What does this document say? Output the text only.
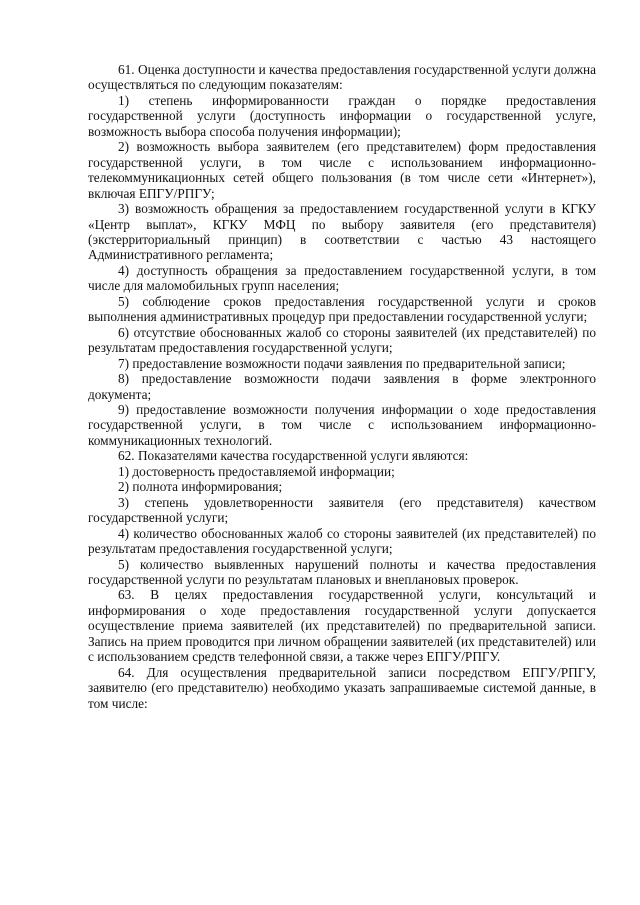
61. Оценка доступности и качества предоставления государственной услуги должна осуществляться по следующим показателям:

1) степень информированности граждан о порядке предоставления государственной услуги (доступность информации о государственной услуге, возможность выбора способа получения информации);

2) возможность выбора заявителем (его представителем) форм предоставления государственной услуги, в том числе с использованием информационно-телекоммуникационных сетей общего пользования (в том числе сети «Интернет»), включая ЕПГУ/РПГУ;

3) возможность обращения за предоставлением государственной услуги в КГКУ «Центр выплат», КГКУ МФЦ по выбору заявителя (его представителя) (экстерриториальный принцип) в соответствии с частью 43 настоящего Административного регламента;

4) доступность обращения за предоставлением государственной услуги, в том числе для маломобильных групп населения;

5) соблюдение сроков предоставления государственной услуги и сроков выполнения административных процедур при предоставлении государственной услуги;

6) отсутствие обоснованных жалоб со стороны заявителей (их представителей) по результатам предоставления государственной услуги;

7) предоставление возможности подачи заявления по предварительной записи;

8) предоставление возможности подачи заявления в форме электронного документа;

9) предоставление возможности получения информации о ходе предоставления государственной услуги, в том числе с использованием информационно-коммуникационных технологий.

62. Показателями качества государственной услуги являются:

1) достоверность предоставляемой информации;

2) полнота информирования;

3) степень удовлетворенности заявителя (его представителя) качеством государственной услуги;

4) количество обоснованных жалоб со стороны заявителей (их представителей) по результатам предоставления государственной услуги;

5) количество выявленных нарушений полноты и качества предоставления государственной услуги по результатам плановых и внеплановых проверок.

63. В целях предоставления государственной услуги, консультаций и информирования о ходе предоставления государственной услуги допускается осуществление приема заявителей (их представителей) по предварительной записи. Запись на прием проводится при личном обращении заявителей (их представителей) или с использованием средств телефонной связи, а также через ЕПГУ/РПГУ.

64. Для осуществления предварительной записи посредством ЕПГУ/РПГУ, заявителю (его представителю) необходимо указать запрашиваемые системой данные, в том числе:
